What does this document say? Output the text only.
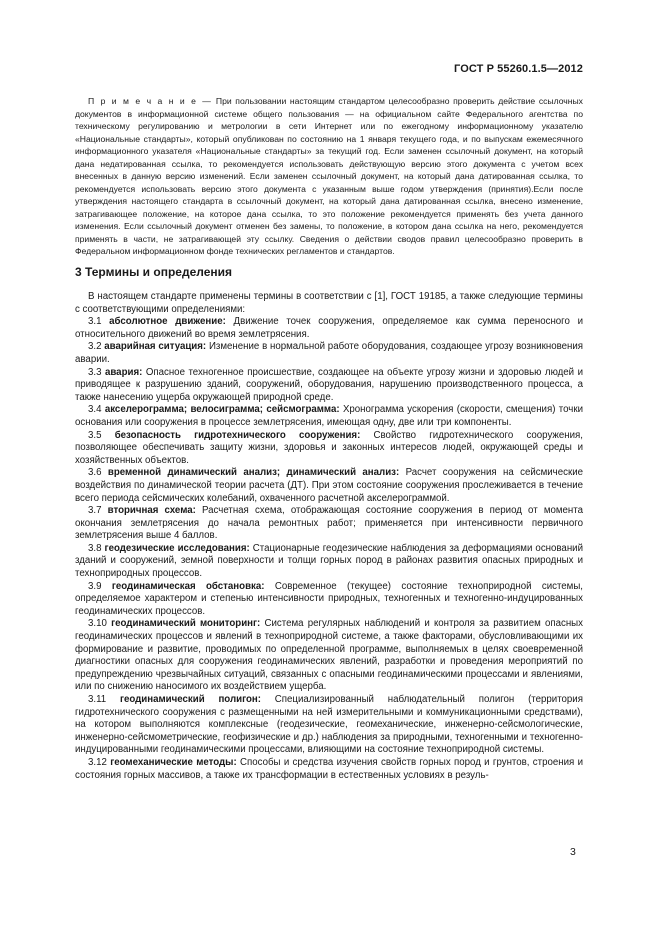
ГОСТ Р 55260.1.5—2012
П р и м е ч а н и е — При пользовании настоящим стандартом целесообразно проверить действие ссылочных документов в информационной системе общего пользования — на официальном сайте Федерального агентства по техническому регулированию и метрологии в сети Интернет или по ежегодному информационному указателю «Национальные стандарты», который опубликован по состоянию на 1 января текущего года, и по выпускам ежемесячного информационного указателя «Национальные стандарты» за текущий год. Если заменен ссылочный документ, на который дана недатированная ссылка, то рекомендуется использовать действующую версию этого документа с учетом всех внесенных в данную версию изменений. Если заменен ссылочный документ, на который дана датированная ссылка, то рекомендуется использовать версию этого документа с указанным выше годом утверждения (принятия).Если после утверждения настоящего стандарта в ссылочный документ, на который дана датированная ссылка, внесено изменение, затрагивающее положение, на которое дана ссылка, то это положение рекомендуется применять без учета данного изменения. Если ссылочный документ отменен без замены, то положение, в котором дана ссылка на него, рекомендуется применять в части, не затрагивающей эту ссылку. Сведения о действии сводов правил целесообразно проверить в Федеральном информационном фонде технических регламентов и стандартов.
3 Термины и определения

В настоящем стандарте применены термины в соответствии с [1], ГОСТ 19185, а также следующие термины с соответствующими определениями:

3.1 абсолютное движение: Движение точек сооружения, определяемое как сумма переносного и относительного движений во время землетрясения.

3.2 аварийная ситуация: Изменение в нормальной работе оборудования, создающее угрозу возникновения аварии.

3.3 авария: Опасное техногенное происшествие, создающее на объекте угрозу жизни и здоровью людей и приводящее к разрушению зданий, сооружений, оборудования, нарушению производственного процесса, а также нанесению ущерба окружающей природной среде.

3.4 акселерограмма; велосиграмма; сейсмограмма: Хронограмма ускорения (скорости, смещения) точки основания или сооружения в процессе землетрясения, имеющая одну, две или три компоненты.

3.5 безопасность гидротехнического сооружения: Свойство гидротехнического сооружения, позволяющее обеспечивать защиту жизни, здоровья и законных интересов людей, окружающей среды и хозяйственных объектов.

3.6 временной динамический анализ; динамический анализ: Расчет сооружения на сейсмические воздействия по динамической теории расчета (ДТ). При этом состояние сооружения прослеживается в течение всего периода сейсмических колебаний, охваченного расчетной акселерограммой.

3.7 вторичная схема: Расчетная схема, отображающая состояние сооружения в период от момента окончания землетрясения до начала ремонтных работ; применяется при интенсивности первичного землетрясения выше 4 баллов.

3.8 геодезические исследования: Стационарные геодезические наблюдения за деформациями оснований зданий и сооружений, земной поверхности и толщи горных пород в районах развития опасных природных и техноприродных процессов.

3.9 геодинамическая обстановка: Современное (текущее) состояние техноприродной системы, определяемое характером и степенью интенсивности природных, техногенных и техногенно-индуцированных геодинамических процессов.

3.10 геодинамический мониторинг: Система регулярных наблюдений и контроля за развитием опасных геодинамических процессов и явлений в техноприродной системе, а также факторами, обусловливающими их формирование и развитие, проводимых по определенной программе, выполняемых в целях своевременной диагностики опасных для сооружения геодинамических явлений, разработки и проведения мероприятий по предупреждению чрезвычайных ситуаций, связанных с опасными геодинамическими процессами и явлениями, или по снижению наносимого их воздействием ущерба.

3.11 геодинамический полигон: Специализированный наблюдательный полигон (территория гидротехнического сооружения с размещенными на ней измерительными и коммуникационными средствами), на котором выполняются комплексные (геодезические, геомеханические, инженерно-сейсмологические, инженерно-сейсмометрические, геофизические и др.) наблюдения за природными, техногенными и техногенно-индуцированными геодинамическими процессами, влияющими на состояние техноприродной системы.

3.12 геомеханические методы: Способы и средства изучения свойств горных пород и грунтов, строения и состояния горных массивов, а также их трансформации в естественных условиях в резуль-

3
